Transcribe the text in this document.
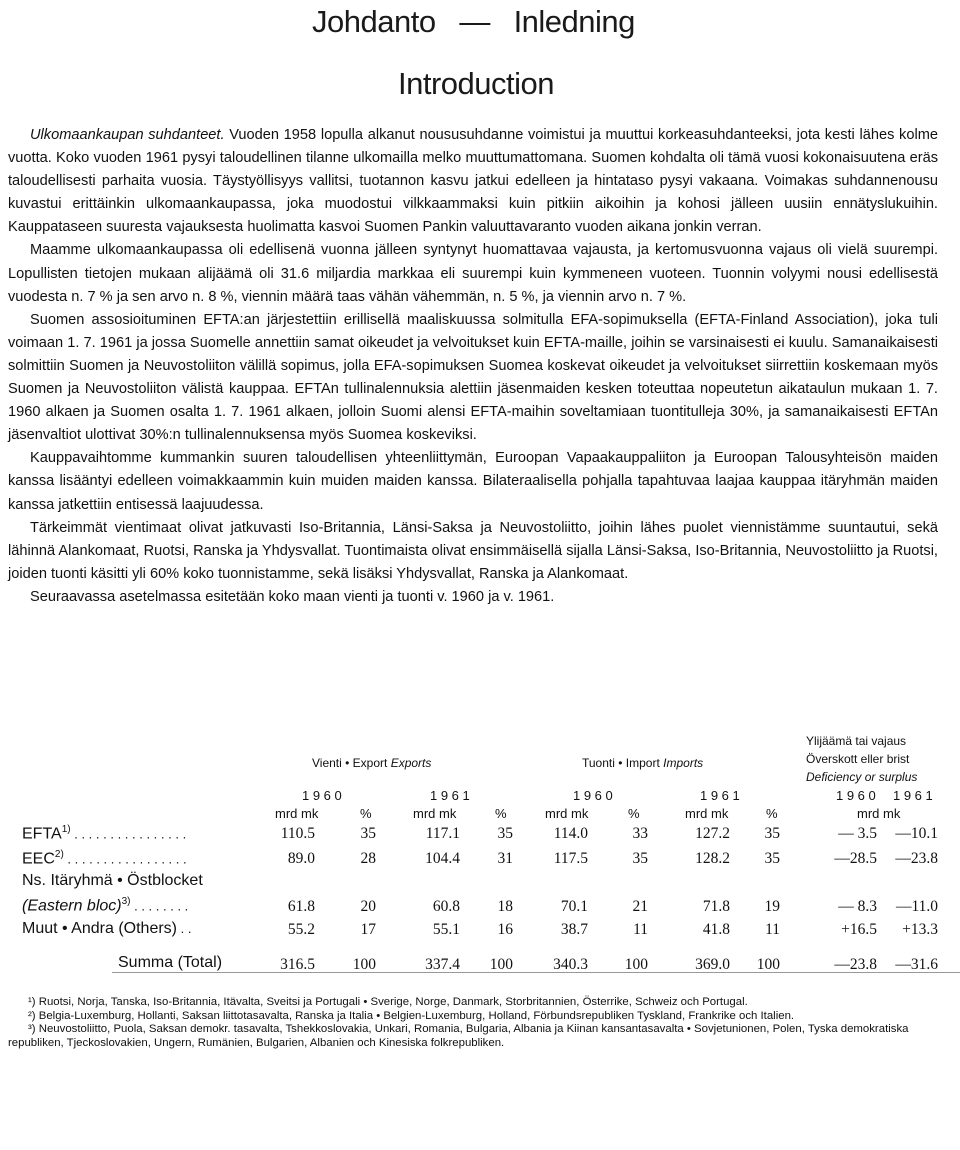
Johdanto — Inledning
Introduction

Ulkomaankaupan suhdanteet. Vuoden 1958 lopulla alkanut noususuhdanne voimistui ja muuttui korkeasuhdanteeksi, jota kesti lähes kolme vuotta. Koko vuoden 1961 pysyi taloudellinen tilanne ulkomailla melko muuttumattomana. Suomen kohdalta oli tämä vuosi kokonaisuutena eräs taloudellisesti parhaita vuosia. Täystyöllisyys vallitsi, tuotannon kasvu jatkui edelleen ja hintataso pysyi vakaana. Voimakas suhdannenousu kuvastui erittäinkin ulkomaankaupassa, joka muodostui vilkkaammaksi kuin pitkiin aikoihin ja kohosi jälleen uusiin ennätyslukuihin. Kauppataseen suuresta vajauksesta huolimatta kasvoi Suomen Pankin valuuttavaranto vuoden aikana jonkin verran.

Maamme ulkomaankaupassa oli edellisenä vuonna jälleen syntynyt huomattavaa vajausta, ja kertomusvuonna vajaus oli vielä suurempi. Lopullisten tietojen mukaan alijäämä oli 31.6 miljardia markkaa eli suurempi kuin kymmeneen vuoteen. Tuonnin volyymi nousi edellisestä vuodesta n. 7 % ja sen arvo n. 8 %, viennin määrä taas vähän vähemmän, n. 5 %, ja viennin arvo n. 7 %.

Suomen assosioituminen EFTA:an järjestettiin erillisellä maaliskuussa solmitulla EFA-sopimuksella (EFTA-Finland Association), joka tuli voimaan 1. 7. 1961 ja jossa Suomelle annettiin samat oikeudet ja velvoitukset kuin EFTA-maille, joihin se varsinaisesti ei kuulu. Samanaikaisesti solmittiin Suomen ja Neuvostoliiton välillä sopimus, jolla EFA-sopimuksen Suomea koskevat oikeudet ja velvoitukset siirrettiin koskemaan myös Suomen ja Neuvostoliiton välistä kauppaa. EFTAn tullinalennuksia alettiin jäsenmaiden kesken toteuttaa nopeutetun aikataulun mukaan 1. 7. 1960 alkaen ja Suomen osalta 1. 7. 1961 alkaen, jolloin Suomi alensi EFTA-maihin soveltamiaan tuontitulleja 30%, ja samanaikaisesti EFTAn jäsenvaltiot ulottivat 30%:n tullinalennuksensa myös Suomea koskeviksi.

Kauppavaihtomme kummankin suuren taloudellisen yhteenliittymän, Euroopan Vapaakauppaliiton ja Euroopan Talousyhteisön maiden kanssa lisääntyi edelleen voimakkaammin kuin muiden maiden kanssa. Bilateraalisella pohjalla tapahtuvaa laajaa kauppaa itäryhmän maiden kanssa jatkettiin entisessä laajuudessa.

Tärkeimmät vientimaat olivat jatkuvasti Iso-Britannia, Länsi-Saksa ja Neuvostoliitto, joihin lähes puolet viennistämme suuntautui, sekä lähinnä Alankomaat, Ruotsi, Ranska ja Yhdysvallat. Tuontimaista olivat ensimmäisellä sijalla Länsi-Saksa, Iso-Britannia, Neuvostoliitto ja Ruotsi, joiden tuonti käsitti yli 60% koko tuonnistamme, sekä lisäksi Yhdysvallat, Ranska ja Alankomaat.

Seuraavassa asetelmassa esitetään koko maan vienti ja tuonti v. 1960 ja v. 1961.

Vienti • Export Exports	Tuonti • Import Imports
Ylijäämä tai vajaus
Överskott eller brist
Deficiency or surplus
1 9 6 0	1 9 6 1	1 9 6 0	1 9 6 1	1 9 6 0 1 9 6 1
mrd mk	%	mrd mk	%	mrd mk	%	mrd mk	%	mrd mk
EFTA$^{1)}$ . . . . . . . . . . . . . . . .	110.5	35	117.1	35	114.0	33	127.2	35	— 3.5	—10.1
EEC$^{2)}$ . . . . . . . . . . . . . . . . .	89.0	28	104.4	31	117.5	35	128.2	35	—28.5	—23.8
Ns. Itäryhmä • Östblocket
(Eastern bloc)$^{3)}$ . . . . . . . .	61.8	20	60.8	18	70.1	21	71.8	19	— 8.3	—11.0
Muut • Andra (Others) . .	55.2	17	55.1	16	38.7	11	41.8	11	+16.5	+13.3
Summa (Total)	316.5	100	337.4	100	340.3	100	369.0	100	—23.8	—31.6

¹) Ruotsi, Norja, Tanska, Iso-Britannia, Itävalta, Sveitsi ja Portugali • Sverige, Norge, Danmark, Storbritannien, Österrike, Schweiz och Portugal.

²) Belgia-Luxemburg, Hollanti, Saksan liittotasavalta, Ranska ja Italia • Belgien-Luxemburg, Holland, Förbundsrepubliken Tyskland, Frankrike och Italien.

³) Neuvostoliitto, Puola, Saksan demokr. tasavalta, Tshekkoslovakia, Unkari, Romania, Bulgaria, Albania ja Kiinan kansantasavalta • Sovjetunionen, Polen, Tyska demokratiska republiken, Tjeckoslovakien, Ungern, Rumänien, Bulgarien, Albanien och Kinesiska folkrepubliken.
